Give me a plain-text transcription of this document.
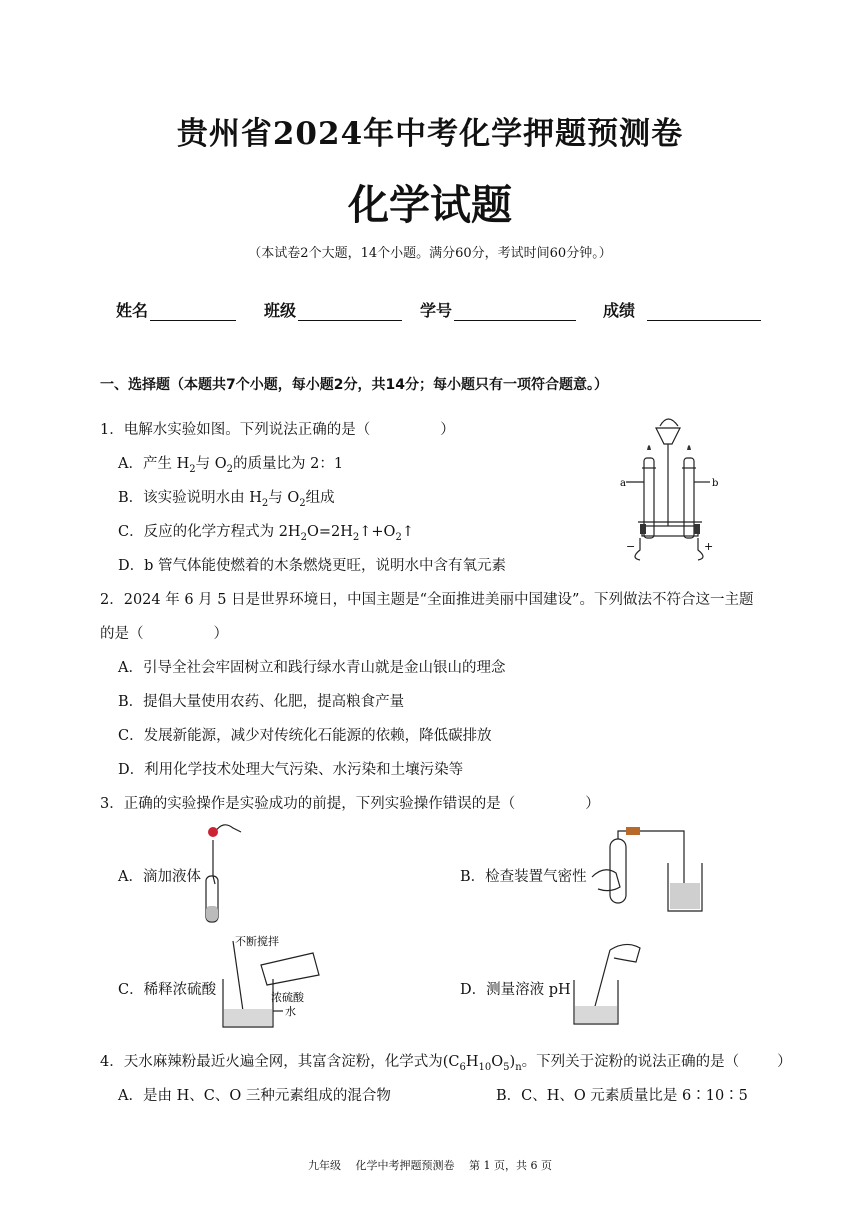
贵州省2024年中考化学押题预测卷
化学试题
（本试卷2个大题，14个小题。满分60分，考试时间60分钟。）
姓名	班级	学号	成绩
一、选择题（本题共7个小题，每小题2分，共14分；每小题只有一项符合题意。）
1．电解水实验如图。下列说法正确的是（	）
A．产生 $H_2$与 $O_2$的质量比为 2：1
B．该实验说明水由 $H_2$与 $O_2$组成
C．反应的化学方程式为 $2H_2O=2H_2↑+O_2↑$
D．b 管气体能使燃着的木条燃烧更旺，说明水中含有氧元素
a	b
−	+
2．2024 年 6 月 5 日是世界环境日，中国主题是“全面推进美丽中国建设”。下列做法不符合这一主题
的是（	）
A．引导全社会牢固树立和践行绿水青山就是金山银山的理念
B．提倡大量使用农药、化肥，提高粮食产量
C．发展新能源，减少对传统化石能源的依赖，降低碳排放
D．利用化学技术处理大气污染、水污染和土壤污染等
3．正确的实验操作是实验成功的前提，下列实验操作错误的是（	）
A．滴加液体	B．检查装置气密性
C．稀释浓硫酸
不断搅拌
浓硫酸
水
D．测量溶液 pH
4．天水麻辣粉最近火遍全网，其富含淀粉，化学式为$(C_6H_{10}O_5)_n$。下列关于淀粉的说法正确的是（	）
A．是由 H、C、O 三种元素组成的混合物	B．C、H、O 元素质量比是 6∶10∶5
九年级　 化学中考押题预测卷　 第 1 页，共 6 页
